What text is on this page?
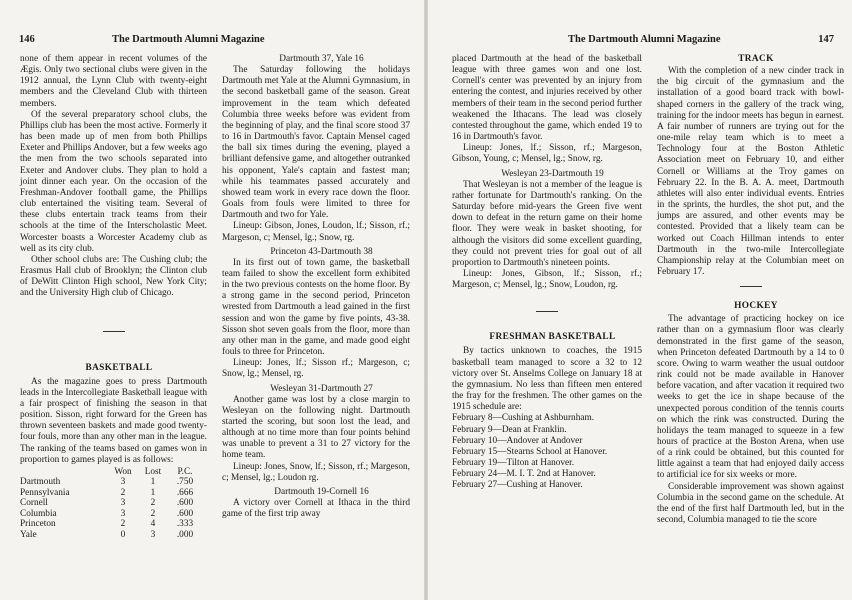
146	The Dartmouth Alumni Magazine

none of them appear in recent volumes of the Ægis. Only two sectional clubs were given in the 1912 annual, the Lynn Club with twenty-eight members and the Cleveland Club with thirteen members.

Of the several preparatory school clubs, the Phillips club has been the most active. Formerly it has been made up of men from both Phillips Exeter and Phillips Andover, but a few weeks ago the men from the two schools separated into Exeter and Andover clubs. They plan to hold a joint dinner each year. On the occasion of the Freshman-Andover football game, the Phillips club entertained the visiting team. Several of these clubs entertain track teams from their schools at the time of the Interscholastic Meet. Worcester boasts a Worcester Academy club as well as its city club.

Other school clubs are: The Cushing club; the Erasmus Hall club of Brooklyn; the Clinton club of DeWitt Clinton High school, New York City; and the University High club of Chicago.

BASKETBALL

As the magazine goes to press Dartmouth leads in the Intercollegiate Basketball league with a fair prospect of finishing the season in that position. Sisson, right forward for the Green has thrown seventeen baskets and made good twenty-four fouls, more than any other man in the league. The ranking of the teams based on games won in proportion to games played is as follows:

	Won	Lost	P.C.
Dartmouth	3	1	.750
Pennsylvania	2	1	.666
Cornell	3	2	.600
Columbia	3	2	.600
Princeton	2	4	.333
Yale	0	3	.000

Dartmouth 37, Yale 16

The Saturday following the holidays Dartmouth met Yale at the Alumni Gymnasium, in the second basketball game of the season. Great improvement in the team which defeated Columbia three weeks before was evident from the beginning of play, and the final score stood 37 to 16 in Dartmouth's favor. Captain Mensel caged the ball six times during the evening, played a brilliant defensive game, and altogether outranked his opponent, Yale's captain and fastest man; while his teammates passed accurately and showed team work in every race down the floor. Goals from fouls were limited to three for Dartmouth and two for Yale.

Lineup: Gibson, Jones, Loudon, lf.; Sisson, rf.; Margeson, c; Mensel, lg.; Snow, rg.

Princeton 43-Dartmouth 38

In its first out of town game, the basketball team failed to show the excellent form exhibited in the two previous contests on the home floor. By a strong game in the second period, Princeton wrested from Dartmouth a lead gained in the first session and won the game by five points, 43-38. Sisson shot seven goals from the floor, more than any other man in the game, and made good eight fouls to three for Princeton.

Lineup: Jones, lf.; Sisson rf.; Margeson, c; Snow, lg.; Mensel, rg.

Wesleyan 31-Dartmouth 27

Another game was lost by a close margin to Wesleyan on the following night. Dartmouth started the scoring, but soon lost the lead, and although at no time more than four points behind was unable to prevent a 31 to 27 victory for the home team.

Lineup: Jones, Snow, lf.; Sisson, rf.; Margeson, c; Mensel, lg.; Loudon rg.

Dartmouth 19-Cornell 16

A victory over Cornell at Ithaca in the third game of the first trip away

The Dartmouth Alumni Magazine	147

placed Dartmouth at the head of the basketball league with three games won and one lost. Cornell's center was prevented by an injury from entering the contest, and injuries received by other members of their team in the second period further weakened the Ithacans. The lead was closely contested throughout the game, which ended 19 to 16 in Dartmouth's favor.

Lineup: Jones, lf.; Sisson, rf.; Margeson, Gibson, Young, c; Mensel, lg.; Snow, rg.

Wesleyan 23-Dartmouth 19

That Wesleyan is not a member of the league is rather fortunate for Dartmouth's ranking. On the Saturday before mid-years the Green five went down to defeat in the return game on their home floor. They were weak in basket shooting, for although the visitors did some excellent guarding, they could not prevent tries for goal out of all proportion to Dartmouth's nineteen points.

Lineup: Jones, Gibson, lf.; Sisson, rf.; Margeson, c; Mensel, lg.; Snow, Loudon, rg.

FRESHMAN BASKETBALL

By tactics unknown to coaches, the 1915 basketball team managed to score a 32 to 12 victory over St. Anselms College on January 18 at the gymnasium. No less than fifteen men entered the fray for the freshmen. The other games on the 1915 schedule are:

February 8—Cushing at Ashburnham.

February 9—Dean at Franklin.

February 10—Andover at Andover

February 15—Stearns School at Hanover.

February 19—Tilton at Hanover.

February 24—M. I. T. 2nd at Hanover.

February 27—Cushing at Hanover.

TRACK

With the completion of a new cinder track in the big circuit of the gymnasium and the installation of a good board track with bowl-shaped corners in the gallery of the track wing, training for the indoor meets has begun in earnest. A fair number of runners are trying out for the one-mile relay team which is to meet a Technology four at the Boston Athletic Association meet on February 10, and either Cornell or Williams at the Troy games on February 22. In the B. A. A. meet, Dartmouth athletes will also enter individual events. Entries in the sprints, the hurdles, the shot put, and the jumps are assured, and other events may be contested. Provided that a likely team can be worked out Coach Hillman intends to enter Dartmouth in the two-mile Intercollegiate Championship relay at the Columbian meet on February 17.

HOCKEY

The advantage of practicing hockey on ice rather than on a gymnasium floor was clearly demonstrated in the first game of the season, when Princeton defeated Dartmouth by a 14 to 0 score. Owing to warm weather the usual outdoor rink could not be made available in Hanover before vacation, and after vacation it required two weeks to get the ice in shape because of the unexpected porous condition of the tennis courts on which the rink was constructed. During the holidays the team managed to squeeze in a few hours of practice at the Boston Arena, when use of a rink could be obtained, but this counted for little against a team that had enjoyed daily access to artificial ice for six weeks or more.

Considerable improvement was shown against Columbia in the second game on the schedule. At the end of the first half Dartmouth led, but in the second, Columbia managed to tie the score
